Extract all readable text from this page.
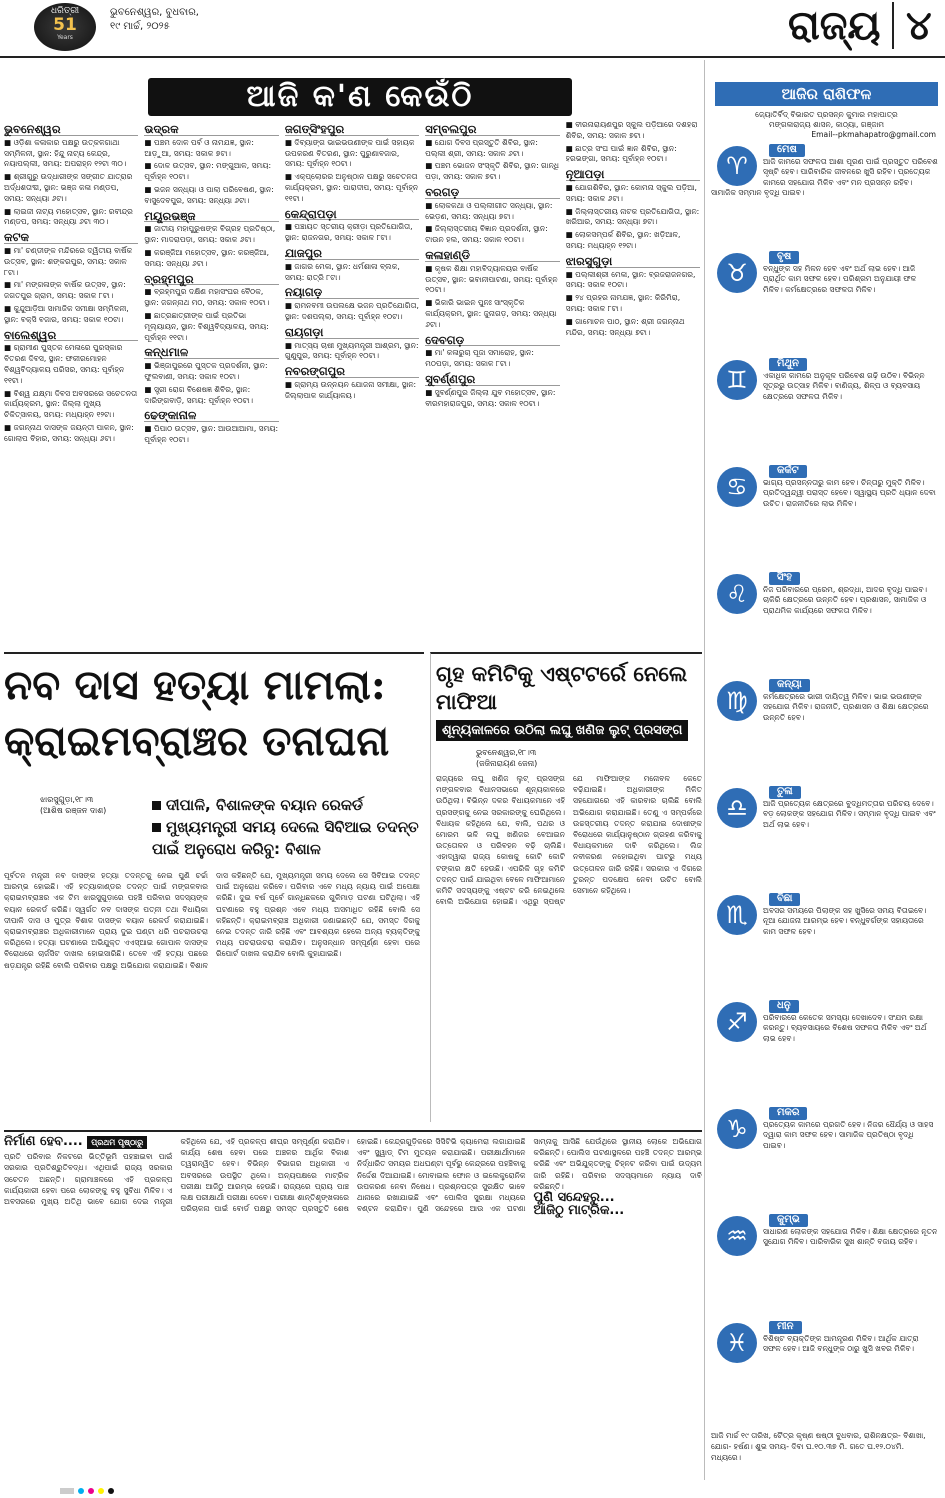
ଧରିତ୍ରୀ
51
Years
ଭୁବନେଶ୍ୱର, ବୁଧବାର,
୧୯ ମାର୍ଚ୍ଚ, ୨୦୨୫	ରାଜ୍ୟ ୪
ଆଜି କ'ଣ କେଉଁଠି
ଭୁବନେଶ୍ୱର
■ ଓଡ଼ିଶା କଳାକାର ପକ୍ଷରୁ ଉତ୍କଳଗାଥା ସମ୍ମିଳନୀ, ସ୍ଥାନ: ହିନ୍ଦୁ ନାଟ୍ୟ କେନ୍ଦ୍ର, ନୟାପଲ୍ଲୀ, ସମୟ: ଅପରାହ୍ନ ୧୨ଟା ୩୦।
■ ଶ୍ରୀଗୁରୁ ଉଦ୍ଧାରୀଙ୍କ ସଙ୍ଗୀତ ଯାତ୍ରାର ଅର୍ଦ୍ଧଶତାବ୍ଦୀ, ସ୍ଥାନ: ଭଞ୍ଜ କଳା ମଣ୍ଡପ, ସମୟ: ସନ୍ଧ୍ୟା ୬ଟା।
■ ଲାଇଜୀ ନାଟ୍ୟ ମହୋତ୍ସବ, ସ୍ଥାନ: ରବୀନ୍ଦ୍ର ମଣ୍ଡପ, ସମୟ: ସନ୍ଧ୍ୟା ୬ଟା ୩୦।
କଟକ
■ ମା' ଚଣ୍ଡୀଙ୍କ ମନ୍ଦିରରେ ଦ୍ୱିତୀୟ ବାର୍ଷିକ ଉତ୍ସବ, ସ୍ଥାନ: ଶଙ୍କରପୁର, ସମୟ: ସକାଳ ୮ଟା।
■ ମା' ମଙ୍ଗଳାଙ୍କ ବାର୍ଷିକ ଉତ୍ସବ, ସ୍ଥାନ: ଜଗତପୁର ଗ୍ରାମ, ସମୟ: ସକାଳ ୮ଟା।
■ କୁନ୍ଦୁଆଡ଼ିଆ ସାମାଜିକ ସମୀକ୍ଷା ସମ୍ମିଳନୀ, ସ୍ଥାନ: ବକ୍ସି ବଜାର, ସମୟ: ସକାଳ ୧୦ଟା।
ବାଲେଶ୍ୱର
■ ଗ୍ରାମୀଣ ପୁସ୍ତକ ମେଳାରେ ପୁରସ୍କାର ବିତରଣ ଦିବସ, ସ୍ଥାନ: ଫକୀରମୋହନ ବିଶ୍ୱବିଦ୍ୟାଳୟ ପରିସର, ସମୟ: ପୂର୍ବାହ୍ନ ୧୧ଟା।
■ ବିଶ୍ୱ ଯକ୍ଷ୍ମା ଦିବସ ଅବସରରେ ସଚେତନତା କାର୍ଯ୍ୟକ୍ରମ, ସ୍ଥାନ: ଜିଲ୍ଲା ମୁଖ୍ୟ ଚିକିତ୍ସାଳୟ, ସମୟ: ମଧ୍ୟାହ୍ନ ୧୨ଟା।
■ ଜଗନ୍ନାଥ ଦାସଙ୍କ ଜୟନ୍ତୀ ପାଳନ, ସ୍ଥାନ: ଗୋଲାପ ବିହାର, ସମୟ: ସନ୍ଧ୍ୟା ୬ଟା।
ଭଦ୍ରକ
■ ପଞ୍ଚମ ଦୋଳ ପର୍ବ ଓ ନାମଯଜ୍ଞ, ସ୍ଥାନ: ଆଡ଼ୁଆ, ସମୟ: ସକାଳ ୭ଟା।
■ ଦୋଳ ଉତ୍ସବ, ସ୍ଥାନ: ମଙ୍ଗୁଆଳ, ସମୟ: ପୂର୍ବାହ୍ନ ୧୦ଟା।
■ ଭଜନ ସନ୍ଧ୍ୟା ଓ ପାଲା ପରିବେଷଣ, ସ୍ଥାନ: ବାସୁଦେବପୁର, ସମୟ: ସନ୍ଧ୍ୟା ୬ଟା।
ମୟୂରଭଞ୍ଜ
■ ଜାତୀୟ ମହାପୁରୁଷଙ୍କ ବିଗ୍ରହ ପ୍ରତିଷ୍ଠା, ସ୍ଥାନ: ମାଦରାପଡ଼ା, ସମୟ: ସକାଳ ୬ଟା।
■ କରଞ୍ଜିଆ ମହୋତ୍ସବ, ସ୍ଥାନ: କରଞ୍ଜିଆ, ସମୟ: ସନ୍ଧ୍ୟା ୬ଟା।
ବ୍ରହ୍ମପୁର
■ ବ୍ରହ୍ମପୁର ଦକ୍ଷିଣ ମହାସଂଘର ବୈଠକ, ସ୍ଥାନ: ଜଗନ୍ନାଥ ମଠ, ସମୟ: ସକାଳ ୧୦ଟା।
■ ଛାତ୍ରଛାତ୍ରୀଙ୍କ ପାଇଁ ପ୍ରତିଭା ମୂଲ୍ୟାୟନ, ସ୍ଥାନ: ବିଶ୍ୱବିଦ୍ୟାଳୟ, ସମୟ: ପୂର୍ବାହ୍ନ ୧୧ଟା।
କନ୍ଧମାଳ
■ ଭିଞ୍ଜାପୁରରେ ପୁସ୍ତକ ପ୍ରଦର୍ଶନୀ, ସ୍ଥାନ: ଫୁଲବାଣୀ, ସମୟ: ସକାଳ ୧୦ଟା।
■ ସ୍ତ୍ରୀ ରୋଗ ବିଶେଷଜ୍ଞ ଶିବିର, ସ୍ଥାନ: ଦାରିଙ୍ଗବାଡ଼ି, ସମୟ: ପୂର୍ବାହ୍ନ ୧୦ଟା।
ଢେଙ୍କାନାଳ
■ ପିପାଠ ଉତ୍ସବ, ସ୍ଥାନ: ଆଉଆଆମା, ସମୟ: ପୂର୍ବାହ୍ନ ୧୦ଟା।
ଜଗତ୍‌ସିଂହପୁର
■ ଦିବ୍ୟାଙ୍ଗ ଭାଇଭଉଣୀଙ୍କ ପାଇଁ ସହାୟକ ଉପକରଣ ବିତରଣ, ସ୍ଥାନ: ପୁରୁଣାବଜାର, ସମୟ: ପୂର୍ବାହ୍ନ ୧୦ଟା।
■ ଏକ୍‌ପ୍ଲୋରର ଅନୁଷ୍ଠାନ ପକ୍ଷରୁ ସଚେତନତା କାର୍ଯ୍ୟକ୍ରମ, ସ୍ଥାନ: ପାରାଦୀପ, ସମୟ: ପୂର୍ବାହ୍ନ ୧୧ଟା।
କେନ୍ଦ୍ରାପଡ଼ା
■ ପଞ୍ଚାୟତ ସ୍ତରୀୟ କ୍ରୀଡ଼ା ପ୍ରତିଯୋଗିତା, ସ୍ଥାନ: ରାଜନଗର, ସମୟ: ସକାଳ ୮ଟା।
ଯାଜପୁର
■ ଜାଗର ମେଳା, ସ୍ଥାନ: ଧର୍ମଶାଳା ବ୍ଲକ, ସମୟ: ରାତ୍ରି ୮ଟା।
ନୟାଗଡ଼
■ ରାମନବମୀ ଉପଲକ୍ଷେ ଭଜନ ପ୍ରତିଯୋଗିତା, ସ୍ଥାନ: ଦଶପଲ୍ଲା, ସମୟ: ପୂର୍ବାହ୍ନ ୧୦ଟା।
ରାୟଗଡ଼ା
■ ମାତ୍ସ୍ୟ ଚାଷୀ ମୁଖ୍ୟମନ୍ତ୍ରୀ ଆଶ୍ରମ, ସ୍ଥାନ: ଗୁଣୁପୁର, ସମୟ: ପୂର୍ବାହ୍ନ ୧୦ଟା।
ନବରଙ୍ଗପୁର
■ ଗ୍ରାମ୍ୟ ଉନ୍ନୟନ ଯୋଜନା ସମୀକ୍ଷା, ସ୍ଥାନ: ଜିଲ୍ଲାପାଳ କାର୍ଯ୍ୟାଳୟ।
ସମ୍ବଲପୁର
■ ଯୋଗ ଦିବସ ପ୍ରସ୍ତୁତି ଶିବିର, ସ୍ଥାନ: ପଲ୍ଲୀ ଶ୍ରୀ, ସମୟ: ସକାଳ ୬ଟା।
■ ପଞ୍ଚମ ଭୋଜନ ସଂସ୍କୃତି ଶିବିର, ସ୍ଥାନ: ଗାନ୍ଧି ପଡ଼ା, ସମୟ: ସକାଳ ୭ଟା।
ବରଗଡ଼
■ ଲୋକକଥା ଓ ପଲ୍ଲୀଗୀତ ସନ୍ଧ୍ୟା, ସ୍ଥାନ: ଭେଡ଼ଣ, ସମୟ: ସନ୍ଧ୍ୟା ୭ଟା।
■ ଜିଲ୍ଲାସ୍ତରୀୟ ବିଜ୍ଞାନ ପ୍ରଦର୍ଶନୀ, ସ୍ଥାନ: ଟାଉନ ହଲ, ସମୟ: ସକାଳ ୧୦ଟା।
କଳାହାଣ୍ଡି
■ କୃଷକ ଶିକ୍ଷା ମହାବିଦ୍ୟାଳୟର ବାର୍ଷିକ ଉତ୍ସବ, ସ୍ଥାନ: ଭବାନୀପାଟଣା, ସମୟ: ପୂର୍ବାହ୍ନ ୧୦ଟା।
■ ଭିକାରି ଭାଇନ ପୁନଃ ସାଂସ୍କୃତିକ କାର୍ଯ୍ୟକ୍ରମ, ସ୍ଥାନ: ଜୁନାଗଡ଼, ସମୟ: ସନ୍ଧ୍ୟା ୬ଟା।
ଦେବଗଡ଼
■ ମା' କଳାରୁଚା ପୂଜା ସମାରୋହ, ସ୍ଥାନ: ମଠପଡ଼ା, ସମୟ: ସକାଳ ୮ଟା।
ସୁବର୍ଣ୍ଣପୁର
■ ସୁବର୍ଣ୍ଣପୁର ଜିଲ୍ଲା ଯୁବ ମହୋତ୍ସବ, ସ୍ଥାନ: ବୀରମହାରାଜପୁର, ସମୟ: ସକାଳ ୧୦ଟା।
■ ବୀରନାରାୟଣପୁର ସ୍କୁଲ ପଡ଼ିଆରେ ଦଶହରା ଶିବିର, ସମୟ: ସକାଳ ୭ଟା।
■ ଛାତ୍ର ସଂଘ ପାଇଁ ଜ୍ଞାନ ଶିବିର, ସ୍ଥାନ: ହରଭଙ୍ଗା, ସମୟ: ପୂର୍ବାହ୍ନ ୧୦ଟା।
ନୂଆପଡ଼ା
■ ଯୋଗଶିବିର, ସ୍ଥାନ: କୋମନା ସ୍କୁଲ ପଡ଼ିଆ, ସମୟ: ସକାଳ ୬ଟା।
■ ଜିଲ୍ଲାସ୍ତରୀୟ ନାଟକ ପ୍ରତିଯୋଗିତା, ସ୍ଥାନ: ଖରିଆର, ସମୟ: ସନ୍ଧ୍ୟା ୭ଟା।
■ ଲୋକସମ୍ପର୍କ ଶିବିର, ସ୍ଥାନ: ଖଡ଼ିଆଳ, ସମୟ: ମଧ୍ୟାହ୍ନ ୧୨ଟା।
ଝାରସୁଗୁଡ଼ା
■ ପଲ୍ଲୀଶ୍ରୀ ମେଳା, ସ୍ଥାନ: ବ୍ରଜରାଜନଗର, ସମୟ: ସକାଳ ୧୦ଟା।
■ ୨୪ ପ୍ରହର ନାମଯଜ୍ଞ, ସ୍ଥାନ: କିରିମିରା, ସମୟ: ସକାଳ ୮ଟା।
■ ଗାମୋଚନ ପାଠ, ସ୍ଥାନ: ଶ୍ରୀ ଜଗନ୍ନାଥ ମନ୍ଦିର, ସମୟ: ସନ୍ଧ୍ୟା ୭ଟା।
ନବ ଦାସ ହତ୍ୟା ମାମଲା:
କ୍ରାଇମବ୍ରାଞ୍ଚର ତନାଘନା
ଝାରସୁଗୁଡ଼ା,୧୮।୩
(ଆଶିଷ ରଞ୍ଜନ ଦାଶ)	ଦୀପାଳି, ବିଶାଳଙ୍କ ବୟାନ ରେକର୍ଡ
ମୁଖ୍ୟମନ୍ତ୍ରୀ ସମୟ ଦେଲେ ସିବିଆଇ ତଦନ୍ତ ପାଇଁ ଅନୁରୋଧ କରିବୁ: ବିଶାଳ
ପୂର୍ବତନ ମନ୍ତ୍ରୀ ନବ ଦାସଙ୍କ ହତ୍ୟା ତଦନ୍ତକୁ ନେଇ ପୁଣି ଚର୍ଚ୍ଚା ଆରମ୍ଭ ହୋଇଛି। ଏହି ହତ୍ୟାକାଣ୍ଡର ତଦନ୍ତ ପାଇଁ ମଙ୍ଗଳବାର କ୍ରାଇମବ୍ରାଞ୍ଚର ଏକ ଟିମ ଝାରସୁଗୁଡ଼ାରେ ପହଞ୍ଚି ପରିବାର ସଦସ୍ୟଙ୍କ ବୟାନ ରେକର୍ଡ କରିଛି। ସ୍ୱର୍ଗତ ନବ ଦାସଙ୍କ ପତ୍ନୀ ତଥା ବିଧାୟିକା ଦୀପାଳି ଦାସ ଓ ପୁତ୍ର ବିଶାଳ ଦାସଙ୍କ ବୟାନ ରେକର୍ଡ କରାଯାଇଛି। କ୍ରାଇମବ୍ରାଞ୍ଚର ଅଧିକାରୀମାନେ ପ୍ରାୟ ଦୁଇ ଘଣ୍ଟା ଧରି ପଚରାଉଚରା କରିଥିଲେ। ହତ୍ୟା ଘଟଣାରେ ଅଭିଯୁକ୍ତ ଏଏସ୍‌ଆଇ ଗୋପାଳ ଦାସଙ୍କ ବିରୋଧରେ ଚାର୍ଜସିଟ ଦାଖଲ ହୋଇସାରିଛି। ତେବେ ଏହି ହତ୍ୟା ପଛରେ ଷଡ଼ଯନ୍ତ୍ର ରହିଛି ବୋଲି ପରିବାର ପକ୍ଷରୁ ଅଭିଯୋଗ କରାଯାଇଛି। ବିଶାଳ ଦାସ କହିଛନ୍ତି ଯେ, ମୁଖ୍ୟମନ୍ତ୍ରୀ ସମୟ ଦେଲେ ସେ ସିବିଆଇ ତଦନ୍ତ ପାଇଁ ଅନୁରୋଧ କରିବେ। ପରିବାର ଏବେ ମଧ୍ୟ ନ୍ୟାୟ ପାଇଁ ଅପେକ୍ଷା କରିଛି। ଦୁଇ ବର୍ଷ ପୂର୍ବେ ଗାନ୍ଧିଛକରେ ଗୁଳିମାଡ଼ ଘଟଣା ଘଟିଥିଲା। ଏହି ଘଟଣାରେ ବହୁ ପ୍ରଶ୍ନ ଏବେ ମଧ୍ୟ ଅସମାଧିତ ରହିଛି ବୋଲି ସେ କହିଛନ୍ତି। କ୍ରାଇମବ୍ରାଞ୍ଚ ଅଧିକାରୀ ଜଣାଇଛନ୍ତି ଯେ, ସମସ୍ତ ଦିଗକୁ ନେଇ ତଦନ୍ତ ଜାରି ରହିଛି ଏବଂ ଆବଶ୍ୟକ ହେଲେ ଅନ୍ୟ ବ୍ୟକ୍ତିଙ୍କୁ ମଧ୍ୟ ପଚରାଉଚରା କରାଯିବ। ଅନୁସନ୍ଧାନ ସମ୍ପୂର୍ଣ୍ଣ ହେବା ପରେ ରିପୋର୍ଟ ଦାଖଲ କରାଯିବ ବୋଲି କୁହାଯାଇଛି।
ଗୃହ କମିଟିକୁ ଏଷ୍ଟଟର୍ରେ ନେଲେ ମାଫିଆ
ଶୂନ୍ୟକାଳରେ ଉଠିଲା ଲଘୁ ଖଣିଜ ଲୁଟ୍ ପ୍ରସଙ୍ଗ
ଭୁବନେଶ୍ୱର,୧୮।୩
(ଜଜିନାରାୟଣ ଜେନା)
ରାଜ୍ୟରେ ଲଘୁ ଖଣିଜ ଲୁଟ୍ ପ୍ରସଙ୍ଗ ମଙ୍ଗଳବାର ବିଧାନସଭାରେ ଶୂନ୍ୟକାଳରେ ଉଠିଥିଲା। ବିଭିନ୍ନ ଦଳର ବିଧାୟକମାନେ ଏହି ପ୍ରସଙ୍ଗକୁ ନେଇ ସରକାରଙ୍କୁ ଘେରିଥିଲେ। ବିଧାୟକ କହିଥିଲେ ଯେ, ବାଲି, ପଥର ଓ ମୋରମ ଭଳି ଲଘୁ ଖଣିଜର ବେଆଇନ ଉତ୍ତୋଳନ ଓ ପରିବହନ ବଢ଼ି ଚାଲିଛି। ଏହାଦ୍ୱାରା ରାଜ୍ୟ କୋଷକୁ କୋଟି କୋଟି ଟଙ୍କାର କ୍ଷତି ହେଉଛି। ଏପରିକି ଗୃହ କମିଟି ତଦନ୍ତ ପାଇଁ ଯାଇଥିବା ବେଳେ ମାଫିଆମାନେ କମିଟି ସଦସ୍ୟଙ୍କୁ ଏଷ୍ଟଟ କରି ନେଇଥିଲେ ବୋଲି ଅଭିଯୋଗ ହୋଇଛି। ଏଥିରୁ ସ୍ପଷ୍ଟ ଯେ ମାଫିଆଙ୍କ ମନୋବଳ କେତେ ବଢ଼ିଯାଇଛି। ଅଧିକାରୀଙ୍କ ମିଳିତ ସହଯୋଗରେ ଏହି କାରବାର ଚାଲିଛି ବୋଲି ଅଭିଯୋଗ କରାଯାଇଛି। ତେଣୁ ଏ ସମ୍ପର୍କରେ ଉଚ୍ଚସ୍ତରୀୟ ତଦନ୍ତ କରାଯାଇ ଦୋଷୀଙ୍କ ବିରୋଧରେ କାର୍ଯ୍ୟାନୁଷ୍ଠାନ ଗ୍ରହଣ କରିବାକୁ ବିଧାୟକମାନେ ଦାବି କରିଥିଲେ। ଲିଜ ନବୀକରଣ ନହୋଇଥିବା ଘାଟରୁ ମଧ୍ୟ ଉତ୍ତୋଳନ ଜାରି ରହିଛି। ସରକାର ଏ ଦିଗରେ ତୁରନ୍ତ ପଦକ୍ଷେପ ନେବା ଉଚିତ ବୋଲି ସେମାନେ କହିଥିଲେ।
ନିର୍ମାଣ ହେବ.... ପ୍ରଥମ ପୃଷ୍ଠାରୁ

ପ୍ରତି ପରିବାର ନିକଟରେ ଭିତ୍ତିଭୂମି ପହଞ୍ଚାଇବା ପାଇଁ ସରକାର ପ୍ରତିଶ୍ରୁତିବଦ୍ଧ। ଏଥିପାଇଁ ରାଜ୍ୟ ସରକାର ସଚେତନ ଅଛନ୍ତି। ଗ୍ରାମାଞ୍ଚଳରେ ଏହି ପ୍ରକଳ୍ପ କାର୍ଯ୍ୟକାରୀ ହେବା ପରେ ଲୋକଙ୍କୁ ବହୁ ସୁବିଧା ମିଳିବ। ଏ ଅବସରରେ ମୁଖ୍ୟ ଅତିଥି ଭାବେ ଯୋଗ ଦେଇ ମନ୍ତ୍ରୀ କହିଥିଲେ ଯେ, ଏହି ପ୍ରକଳ୍ପ ଶୀଘ୍ର ସମ୍ପୂର୍ଣ୍ଣ କରାଯିବ। କାର୍ଯ୍ୟ ଶେଷ ହେବା ପରେ ଅଞ୍ଚଳର ଆର୍ଥିକ ବିକାଶ ତ୍ୱରାନ୍ୱିତ ହେବ। ବିଭିନ୍ନ ବିଭାଗର ଅଧିକାରୀ ଏ ଅବସରରେ ଉପସ୍ଥିତ ଥିଲେ। ଅନ୍ୟପକ୍ଷରେ ମାଟ୍ରିକ ପରୀକ୍ଷା ଆଜିଠୁ ଆରମ୍ଭ ହେଉଛି। ରାଜ୍ୟରେ ପ୍ରାୟ ପାଞ୍ଚ ଲକ୍ଷ ପରୀକ୍ଷାର୍ଥୀ ପରୀକ୍ଷା ଦେବେ। ପରୀକ୍ଷା ଶାନ୍ତିଶୃଙ୍ଖଳାରେ ପରିଚାଳନା ପାଇଁ ବୋର୍ଡ ପକ୍ଷରୁ ସମସ୍ତ ପ୍ରସ୍ତୁତି ଶେଷ ହୋଇଛି। କେନ୍ଦ୍ରଗୁଡ଼ିକରେ ସିସିଟିଭି କ୍ୟାମେରା ଲଗାଯାଇଛି ଏବଂ ସ୍କ୍ୱାଡ୍ ଟିମ ମୁତୟନ କରାଯାଇଛି। ପରୀକ୍ଷାର୍ଥୀମାନେ ନିର୍ଦ୍ଧାରିତ ସମୟର ଅଧଘଣ୍ଟା ପୂର୍ବରୁ କେନ୍ଦ୍ରରେ ପହଞ୍ଚିବାକୁ ନିର୍ଦ୍ଦେଶ ଦିଆଯାଇଛି। ମୋବାଇଲ ଫୋନ ଓ ଇଲେକ୍ଟ୍ରୋନିକ ଉପକରଣ ନେବା ନିଷେଧ। ପ୍ରଶ୍ନପତ୍ର ସୁରକ୍ଷିତ ଭାବେ ଥାନାରେ ରଖାଯାଇଛି ଏବଂ ପୋଲିସ ସୁରକ୍ଷା ମଧ୍ୟରେ ବଣ୍ଟନ କରାଯିବ। ପୁଣି ସନ୍ଦେହରେ ଆଉ ଏକ ଘଟଣା ସାମ୍ନାକୁ ଆସିଛି ଯେଉଁଥିରେ ସ୍ଥାନୀୟ ଲୋକେ ଅଭିଯୋଗ କରିଛନ୍ତି। ପୋଲିସ ଘଟଣାସ୍ଥଳରେ ପହଞ୍ଚି ତଦନ୍ତ ଆରମ୍ଭ କରିଛି ଏବଂ ଅଭିଯୁକ୍ତଙ୍କୁ ଚିହ୍ନଟ କରିବା ପାଇଁ ଉଦ୍ୟମ ଜାରି ରହିଛି। ପରିବାର ସଦସ୍ୟମାନେ ନ୍ୟାୟ ଦାବି କରିଛନ୍ତି।

ପୁଣି ସନ୍ଦେହରୁ...
ଆଜିଠୁ ମାଟ୍ରିକ...
ଆଜିର ରାଶିଫଳ
ଜ୍ୟୋତିର୍ବିଦ୍ ବିଭାରତ ପ୍ରସନ୍ନ କୁମାର ମହାପାତ୍ର
ମଙ୍ଗଳାରାଜ୍ୟ ଶାସନ, କାଠ୍ୟା, ଗଞ୍ଜାମ
Email--pkmahapatro@gmail.com
ମେଷ
♈	ଆଜି କାମରେ ସଫଳତା ଆଶା ପୂରଣ ପାଇଁ ପ୍ରସ୍ତୁତ ପରିବେଶ ସୃଷ୍ଟି ହେବ। ପାରିବାରିକ ଜୀବନରେ ଖୁସି ରହିବ। ପ୍ରତ୍ୟେକ କାମରେ ସହଯୋଗ ମିଳିବ ଏବଂ ମନ ପ୍ରସନ୍ନ ରହିବ। ସାମାଜିକ ସମ୍ମାନ ବୃଦ୍ଧି ପାଇବ।
ବୃଷ
♉	ବନ୍ଧୁଙ୍କ ସହ ମିଳନ ହେବ ଏବଂ ଅର୍ଥ ଲାଭ ହେବ। ଆଜି ପ୍ରାର୍ଥିତ କାମ ସଫଳ ହେବ। ପରିଶ୍ରମ ଅନୁଯାୟୀ ଫଳ ମିଳିବ। କର୍ମକ୍ଷେତ୍ରରେ ସଫଳତା ମିଳିବ।
ମିଥୁନ
♊	ଏକାଧିକ କାମରେ ଅନୁକୂଳ ପରିବେଶ ଗଢ଼ି ଉଠିବ। ବିଭିନ୍ନ ସୂତ୍ରରୁ ଉତ୍ସାହ ମିଳିବ। ବାଣିଜ୍ୟ, ଶିଳ୍ପ ଓ ବ୍ୟବସାୟ କ୍ଷେତ୍ରରେ ସଫଳତା ମିଳିବ।
କର୍କଟ
♋	ଭାଗ୍ୟ ପ୍ରସନ୍ନତାରୁ କାମ ହେବ। ଚିନ୍ତାରୁ ମୁକ୍ତି ମିଳିବ। ପ୍ରତିଦ୍ୱନ୍ଦ୍ୱୀ ପରାସ୍ତ ହେବେ। ସ୍ୱାସ୍ଥ୍ୟ ପ୍ରତି ଧ୍ୟାନ ଦେବା ଉଚିତ। ରାଜନୀତିରେ ଲାଭ ମିଳିବ।
ସିଂହ
♌	ନିଜ ପରିବାରରେ ପ୍ରେମ, ଶ୍ରଦ୍ଧା, ଆଦର ବୃଦ୍ଧି ପାଇବ। ଚାକିରି କ୍ଷେତ୍ରରେ ଉନ୍ନତି ହେବ। ପ୍ରଶାସନ, ସାମାଜିକ ଓ ପ୍ରାଥମିକ କାର୍ଯ୍ୟରେ ସଫଳତା ମିଳିବ।
କନ୍ୟା
♍	କର୍ମକ୍ଷେତ୍ରରେ ଭାରୀ ଦାୟିତ୍ୱ ମିଳିବ। ଭାଇ ଭଉଣୀଙ୍କ ସହଯୋଗ ମିଳିବ। ରାଜନୀତି, ପ୍ରଶାସନ ଓ ଶିକ୍ଷା କ୍ଷେତ୍ରରେ ଉନ୍ନତି ହେବ।
ତୁଳା
♎	ଆଜି ପ୍ରତ୍ୟେକ କ୍ଷେତ୍ରରେ ବୁଦ୍ଧିମତ୍ତାର ପରିଚୟ ଦେବେ। ବଡ଼ ଲୋକଙ୍କ ସହଯୋଗ ମିଳିବ। ସମ୍ମାନ ବୃଦ୍ଧି ପାଇବ ଏବଂ ଅର୍ଥ ଲାଭ ହେବ।
ବିଛା
♏	ଅବସର ସମୟରେ ପିଲାଙ୍କ ସହ ଖୁସିରେ ସମୟ ବିତାଇବେ। ନୂଆ ଯୋଜନା ଆରମ୍ଭ ହେବ। ବନ୍ଧୁବର୍ଗଙ୍କ ସହାୟତାରେ କାମ ସଫଳ ହେବ।
ଧନୁ
♐	ପରିବାରରେ କେତେକ ସମସ୍ୟା ଦେଖାଦେବ। ସଂଯମ ରକ୍ଷା କରନ୍ତୁ। ବ୍ୟବସାୟରେ ବିଶେଷ ସଫଳତା ମିଳିବ ଏବଂ ଅର୍ଥ ଲାଭ ହେବ।
ମକର
♑	ପ୍ରତ୍ୟେକ କାମରେ ପ୍ରଗତି ହେବ। ନିଜର ଧୈର୍ଯ୍ୟ ଓ ସାହସ ଦ୍ୱାରା କାମ ସଫଳ ହେବ। ସାମାଜିକ ପ୍ରତିଷ୍ଠା ବୃଦ୍ଧି ପାଇବ।
କୁମ୍ଭ
♒	ସାଧାରଣ ଲୋକଙ୍କ ସହଯୋଗ ମିଳିବ। ଶିକ୍ଷା କ୍ଷେତ୍ରରେ ନୂତନ ସୁଯୋଗ ମିଳିବ। ପାରିବାରିକ ସୁଖ ଶାନ୍ତି ବଜାୟ ରହିବ।
ମୀନ
♓	ବିଶିଷ୍ଟ ବ୍ୟକ୍ତିଙ୍କ ଆମନ୍ତ୍ରଣ ମିଳିବ। ଆର୍ଥିକ ଯାତ୍ରା ସଫଳ ହେବ। ଆଜି ବନ୍ଧୁଙ୍କ ଠାରୁ ଖୁସି ଖବର ମିଳିବ।
ଆଜି ମାର୍ଚ୍ଚ ୧୯ ତାରିଖ, ଚୈତ୍ର କୃଷ୍ଣ ଷଷ୍ଠୀ ବୁଧବାର, ରାଶିନକ୍ଷତ୍ର- ବିଶାଖା, ଯୋଗ- ହର୍ଷଣ। ଶୁଭ ସମୟ- ଦିବା ଘ.୧୦.୩୭ ମି. ଗତେ ଘ.୧୨.୦୪ମି. ମଧ୍ୟରେ।
